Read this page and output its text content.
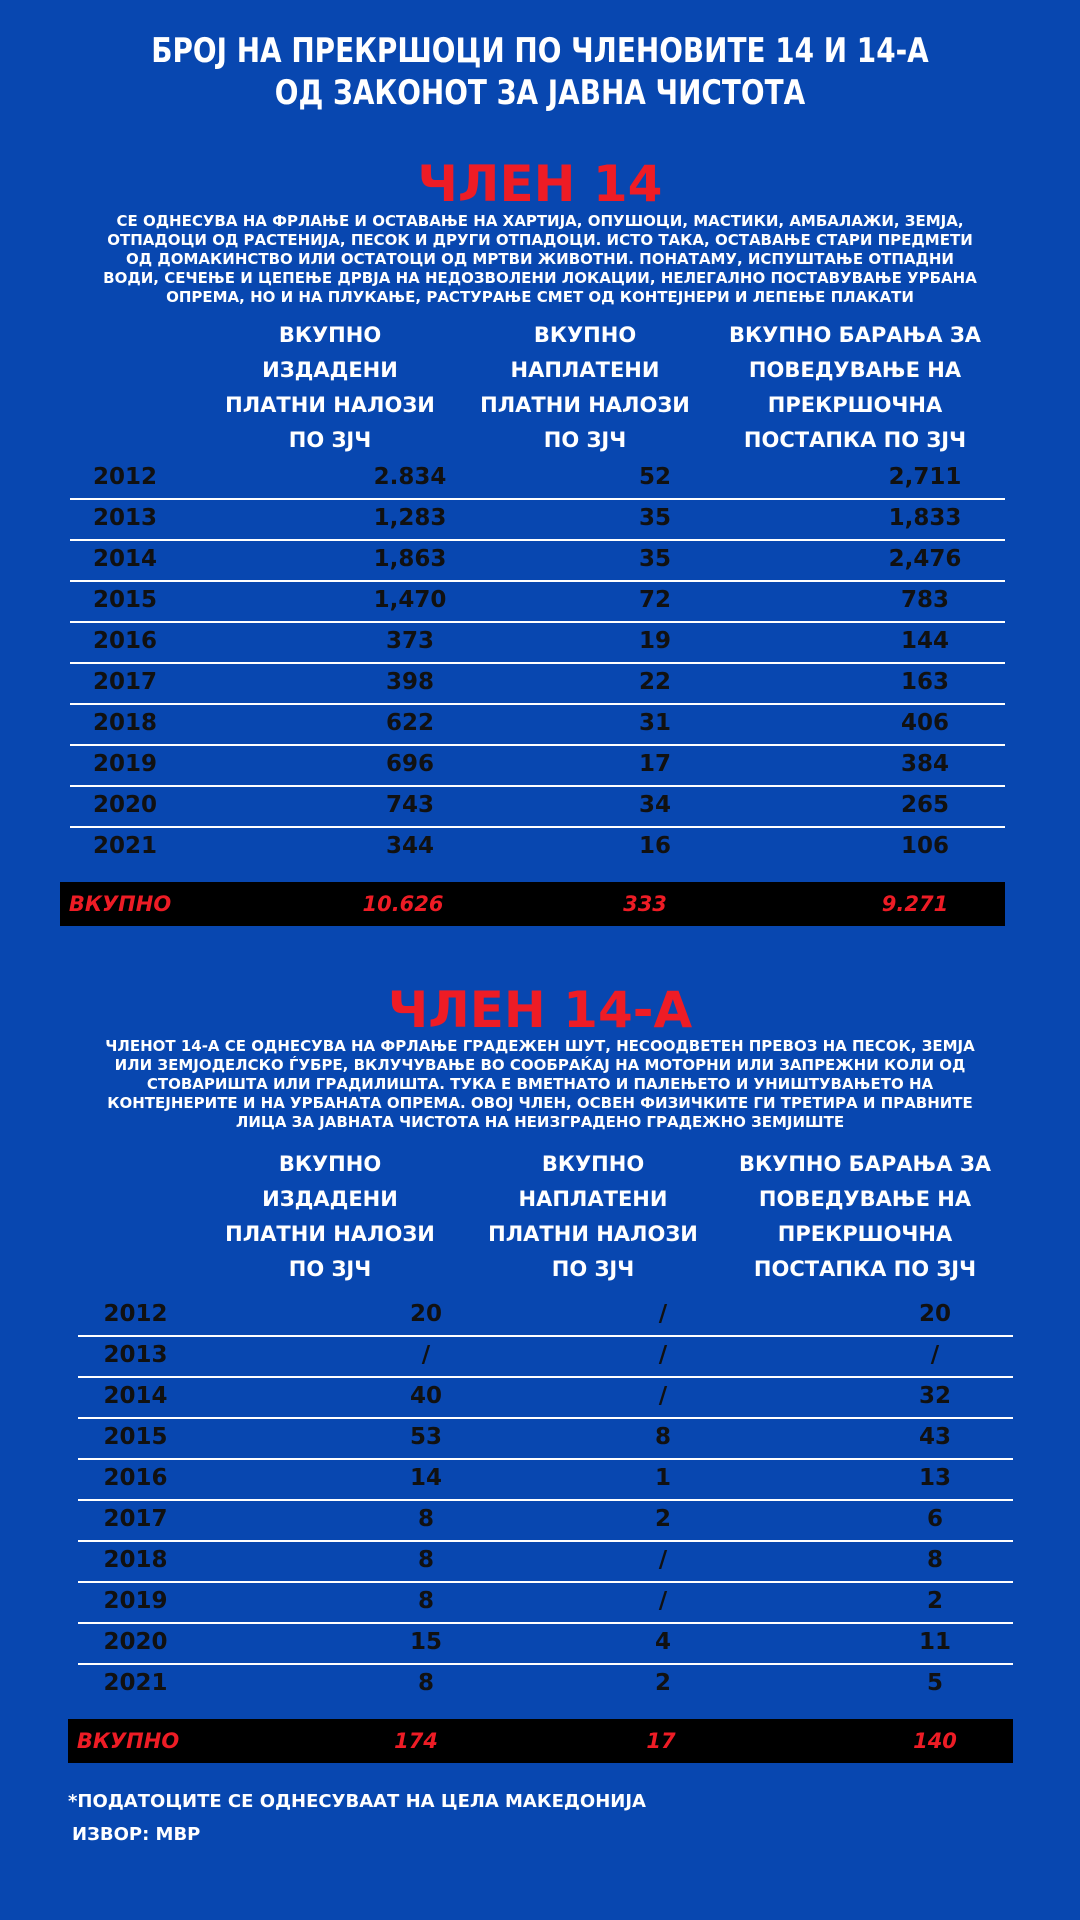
БРОЈ НА ПРЕКРШОЦИ ПО ЧЛЕНОВИТЕ 14 И 14-А
ОД ЗАКОНОТ ЗА ЈАВНА ЧИСТОТА
ЧЛЕН 14
СЕ ОДНЕСУВА НА ФРЛАЊЕ И ОСТАВАЊЕ НА ХАРТИЈА, ОПУШОЦИ, МАСТИКИ, АМБАЛАЖИ, ЗЕМЈА, ОТПАДОЦИ ОД РАСТЕНИЈА, ПЕСОК И ДРУГИ ОТПАДОЦИ. ИСТО ТАКА, ОСТАВАЊЕ СТАРИ ПРЕДМЕТИ ОД ДОМАКИНСТВО ИЛИ ОСТАТОЦИ ОД МРТВИ ЖИВОТНИ. ПОНАТАМУ, ИСПУШТАЊЕ ОТПАДНИ ВОДИ, СЕЧЕЊЕ И ЦЕПЕЊЕ ДРВЈА НА НЕДОЗВОЛЕНИ ЛОКАЦИИ, НЕЛЕГАЛНО ПОСТАВУВАЊЕ УРБАНА ОПРЕМА, НО И НА ПЛУКАЊЕ, РАСТУРАЊЕ СМЕТ ОД КОНТЕЈНЕРИ И ЛЕПЕЊЕ ПЛАКАТИ
ВКУПНО ИЗДАДЕНИ ПЛАТНИ НАЛОЗИ ПО ЗЈЧ
ВКУПНО НАПЛАТЕНИ ПЛАТНИ НАЛОЗИ ПО ЗЈЧ
ВКУПНО БАРАЊА ЗА ПОВЕДУВАЊЕ НА ПРЕКРШОЧНА ПОСТАПКА ПО ЗЈЧ
2012	2.834	52	2,711
2013	1,283	35	1,833
2014	1,863	35	2,476
2015	1,470	72	783
2016	373	19	144
2017	398	22	163
2018	622	31	406
2019	696	17	384
2020	743	34	265
2021	344	16	106
ВКУПНО	10.626	333	9.271
ЧЛЕН 14-А
ЧЛЕНОТ 14-А СЕ ОДНЕСУВА НА ФРЛАЊЕ ГРАДЕЖЕН ШУТ, НЕСООДВЕТЕН ПРЕВОЗ НА ПЕСОК, ЗЕМЈА ИЛИ ЗЕМЈОДЕЛСКО ЃУБРЕ, ВКЛУЧУВАЊЕ ВО СООБРАЌАЈ НА МОТОРНИ ИЛИ ЗАПРЕЖНИ КОЛИ ОД СТОВАРИШТА ИЛИ ГРАДИЛИШТА. ТУКА Е ВМЕТНАТО И ПАЛЕЊЕТО И УНИШТУВАЊЕТО НА КОНТЕЈНЕРИТЕ И НА УРБАНАТА ОПРЕМА. ОВОЈ ЧЛЕН, ОСВЕН ФИЗИЧКИТЕ ГИ ТРЕТИРА И ПРАВНИТЕ ЛИЦА ЗА ЈАВНАТА ЧИСТОТА НА НЕИЗГРАДЕНО ГРАДЕЖНО ЗЕМЈИШТЕ
ВКУПНО ИЗДАДЕНИ ПЛАТНИ НАЛОЗИ ПО ЗЈЧ
ВКУПНО НАПЛАТЕНИ ПЛАТНИ НАЛОЗИ ПО ЗЈЧ
ВКУПНО БАРАЊА ЗА ПОВЕДУВАЊЕ НА ПРЕКРШОЧНА ПОСТАПКА ПО ЗЈЧ
2012	20	/	20
2013	/	/	/
2014	40	/	32
2015	53	8	43
2016	14	1	13
2017	8	2	6
2018	8	/	8
2019	8	/	2
2020	15	4	11
2021	8	2	5
ВКУПНО	174	17	140
*ПОДАТОЦИТЕ СЕ ОДНЕСУВААТ НА ЦЕЛА МАКЕДОНИЈА
ИЗВОР: МВР
